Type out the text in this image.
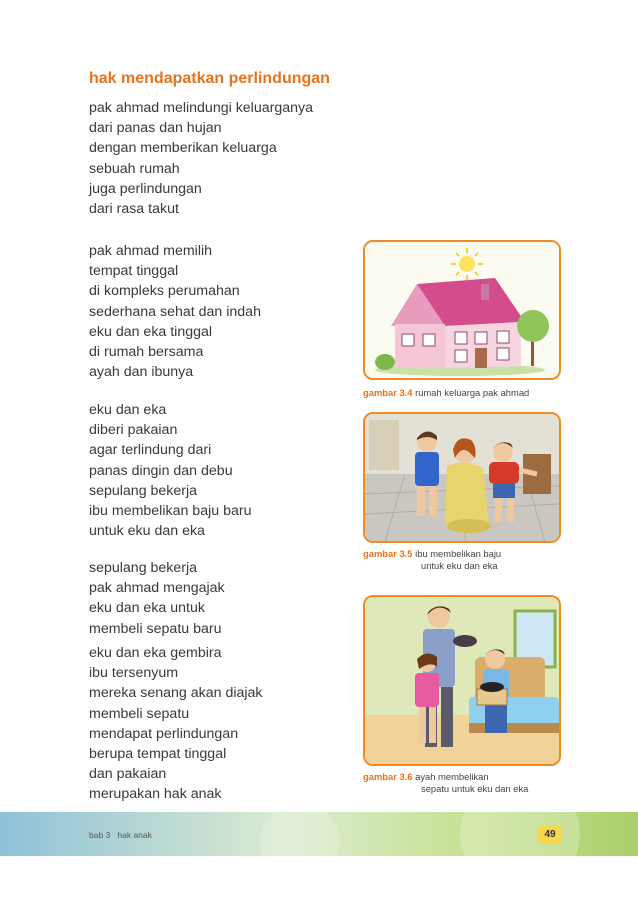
hak mendapatkan perlindungan
pak ahmad melindungi keluarganya
dari panas dan hujan
dengan memberikan keluarga
sebuah rumah
juga perlindungan
dari rasa takut
pak ahmad memilih
tempat tinggal
di kompleks perumahan
sederhana sehat dan indah
eku dan eka tinggal
di rumah bersama
ayah dan ibunya
eku dan eka
diberi pakaian
agar terlindung dari
panas dingin dan debu
sepulang bekerja
ibu membelikan baju baru
untuk eku dan eka
sepulang bekerja
pak ahmad mengajak
eku dan eka untuk
membeli sepatu baru
eku dan eka gembira
ibu tersenyum
mereka senang akan diajak
membeli sepatu
mendapat perlindungan
berupa tempat tinggal
dan pakaian
merupakan hak anak
gambar 3.4 rumah keluarga pak ahmad
gambar 3.5 ibu membelikan baju
untuk eku dan eka
gambar 3.6 ayah membelikan
sepatu untuk eku dan eka
bab 3 hak anak	49
